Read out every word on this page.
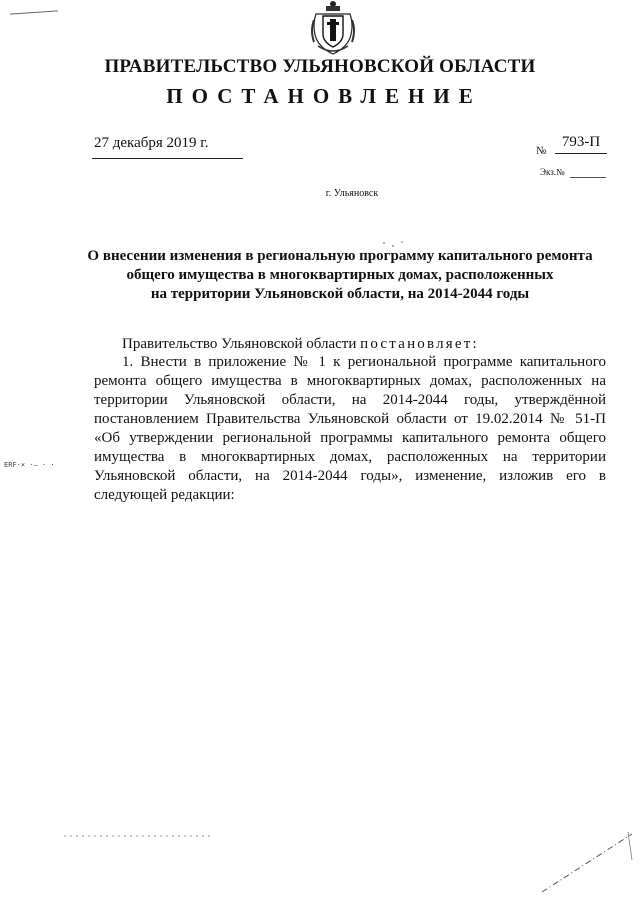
ERF·× ·– · ·
ПРАВИТЕЛЬСТВО УЛЬЯНОВСКОЙ ОБЛАСТИ
ПОСТАНОВЛЕНИЕ
27 декабря 2019 г.	№
793-П
Экз.№
г. Ульяновск
О внесении изменения в региональную программу капитального ремонта
общего имущества в многоквартирных домах, расположенных
на территории Ульяновской области, на 2014-2044 годы
Правительство Ульяновской области постановляет:
1. Внести в приложение № 1 к региональной программе капитального ремонта общего имущества в многоквартирных домах, расположенных на территории Ульяновской области, на 2014-2044 годы, утверждённой постановлением Правительства Ульяновской области от 19.02.2014 № 51-П «Об утверждении региональной программы капитального ремонта общего имущества в многоквартирных домах, расположенных на территории Ульяновской области, на 2014-2044 годы», изменение, изложив его в следующей редакции:
